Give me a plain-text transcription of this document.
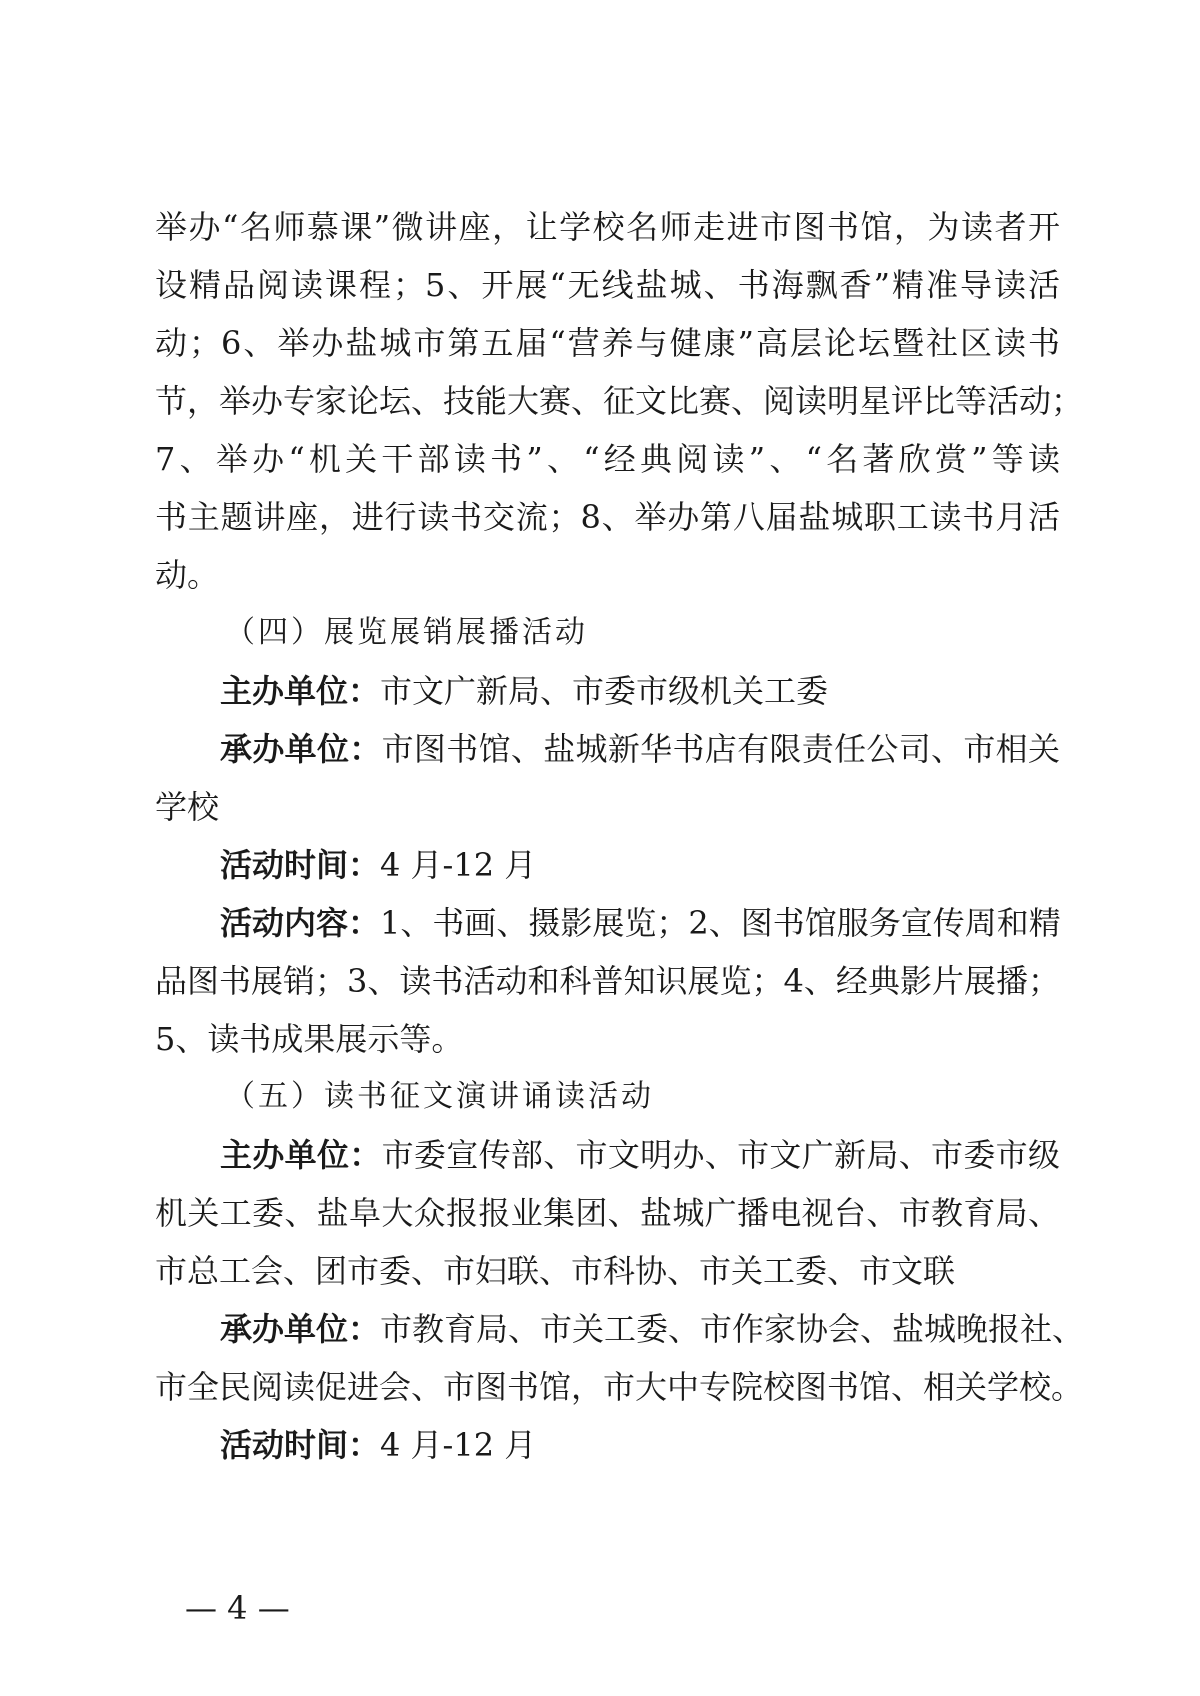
举办“名师慕课”微讲座，让学校名师走进市图书馆，为读者开
设精品阅读课程；5、开展“无线盐城、书海飘香”精准导读活
动；6、举办盐城市第五届“营养与健康”高层论坛暨社区读书
节，举办专家论坛、技能大赛、征文比赛、阅读明星评比等活动；
7、举办“机关干部读书”、“经典阅读”、“名著欣赏”等读
书主题讲座，进行读书交流；8、举办第八届盐城职工读书月活
动。
（四）展览展销展播活动
主办单位：市文广新局、市委市级机关工委
承办单位：市图书馆、盐城新华书店有限责任公司、市相关
学校
活动时间：4 月-12 月
活动内容：1、书画、摄影展览；2、图书馆服务宣传周和精
品图书展销；3、读书活动和科普知识展览；4、经典影片展播；
5、读书成果展示等。
（五）读书征文演讲诵读活动
主办单位：市委宣传部、市文明办、市文广新局、市委市级
机关工委、盐阜大众报报业集团、盐城广播电视台、市教育局、
市总工会、团市委、市妇联、市科协、市关工委、市文联
承办单位：市教育局、市关工委、市作家协会、盐城晚报社、
市全民阅读促进会、市图书馆，市大中专院校图书馆、相关学校。
活动时间：4 月-12 月
— 4 —
